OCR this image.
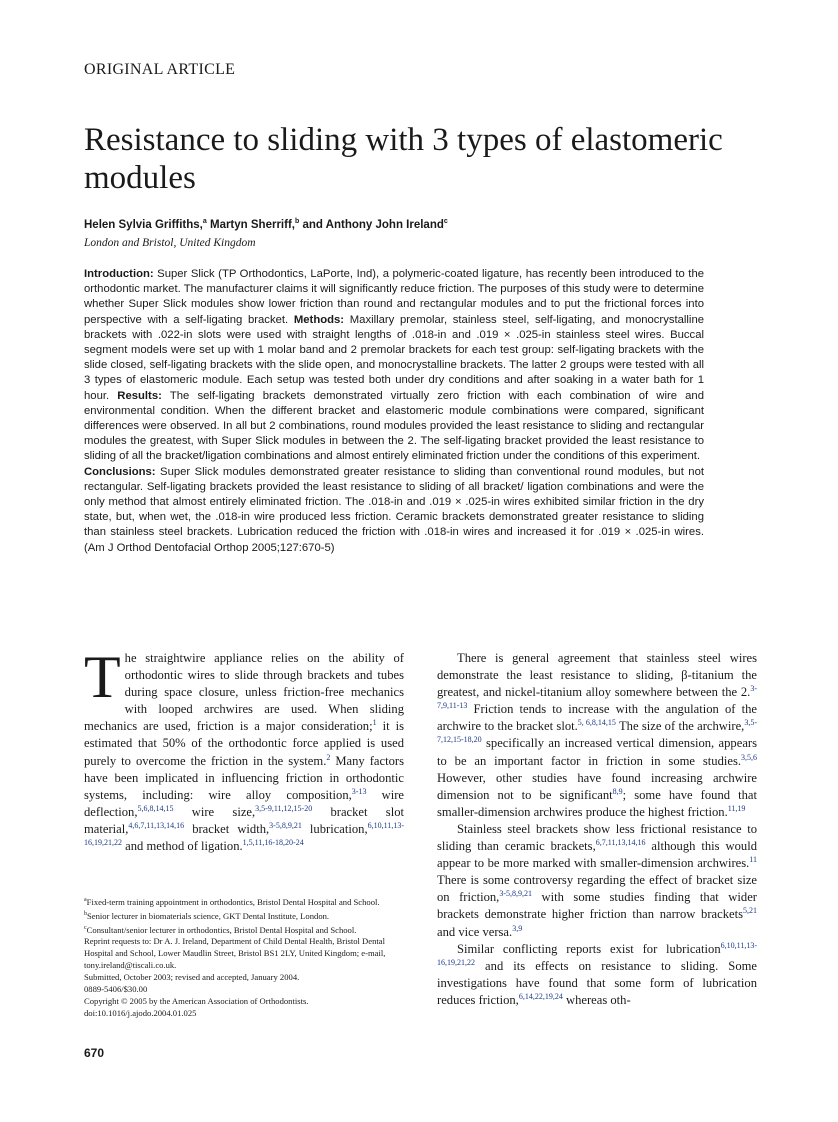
ORIGINAL ARTICLE
Resistance to sliding with 3 types of elastomeric modules
Helen Sylvia Griffiths,$^a$ Martyn Sherriff,$^b$ and Anthony John Ireland$^c$
London and Bristol, United Kingdom

Introduction: Super Slick (TP Orthodontics, LaPorte, Ind), a polymeric-coated ligature, has recently been introduced to the orthodontic market. The manufacturer claims it will significantly reduce friction. The purposes of this study were to determine whether Super Slick modules show lower friction than round and rectangular modules and to put the frictional forces into perspective with a self-ligating bracket. Methods: Maxillary premolar, stainless steel, self-ligating, and monocrystalline brackets with .022-in slots were used with straight lengths of .018-in and .019 × .025-in stainless steel wires. Buccal segment models were set up with 1 molar band and 2 premolar brackets for each test group: self-ligating brackets with the slide closed, self-ligating brackets with the slide open, and monocrystalline brackets. The latter 2 groups were tested with all 3 types of elastomeric module. Each setup was tested both under dry conditions and after soaking in a water bath for 1 hour. Results: The self-ligating brackets demonstrated virtually zero friction with each combination of wire and environmental condition. When the different bracket and elastomeric module combinations were compared, significant differences were observed. In all but 2 combinations, round modules provided the least resistance to sliding and rectangular modules the greatest, with Super Slick modules in between the 2. The self-ligating bracket provided the least resistance to sliding of all the bracket/ligation combinations and almost entirely eliminated friction under the conditions of this experiment.
Conclusions: Super Slick modules demonstrated greater resistance to sliding than conventional round modules, but not rectangular. Self-ligating brackets provided the least resistance to sliding of all bracket/ ligation combinations and were the only method that almost entirely eliminated friction. The .018-in and .019 × .025-in wires exhibited similar friction in the dry state, but, when wet, the .018-in wire produced less friction. Ceramic brackets demonstrated greater resistance to sliding than stainless steel brackets. Lubrication reduced the friction with .018-in wires and increased it for .019 × .025-in wires. (Am J Orthod Dentofacial Orthop 2005;127:670-5)

The straightwire appliance relies on the ability of orthodontic wires to slide through brackets and tubes during space closure, unless friction-free mechanics with looped archwires are used. When sliding mechanics are used, friction is a major consideration;$^1$ it is estimated that 50% of the orthodontic force applied is used purely to overcome the friction in the system.$^2$ Many factors have been implicated in influencing friction in orthodontic systems, including: wire alloy composition,$^{3-13}$ wire deflection,$^{5,6,8,14,15}$ wire size,$^{3,5-9,11,12,15-20}$ bracket slot material,$^{4,6,7,11,13,14,16}$ bracket width,$^{3-5,8,9,21}$ lubrication,$^{6,10,11,13-16,19,21,22}$ and method of ligation.$^{1,5,11,16-18,20-24}$

$^a$Fixed-term training appointment in orthodontics, Bristol Dental Hospital and School.
$^b$Senior lecturer in biomaterials science, GKT Dental Institute, London.
$^c$Consultant/senior lecturer in orthodontics, Bristol Dental Hospital and School.
Reprint requests to: Dr A. J. Ireland, Department of Child Dental Health, Bristol Dental Hospital and School, Lower Maudlin Street, Bristol BS1 2LY, United Kingdom; e-mail, tony.ireland@tiscali.co.uk.
Submitted, October 2003; revised and accepted, January 2004.
0889-5406/$30.00
Copyright © 2005 by the American Association of Orthodontists.
doi:10.1016/j.ajodo.2004.01.025

There is general agreement that stainless steel wires demonstrate the least resistance to sliding, β-titanium the greatest, and nickel-titanium alloy somewhere between the 2.$^{3-7,9,11-13}$ Friction tends to increase with the angulation of the archwire to the bracket slot.$^{5, 6,8,14,15}$ The size of the archwire,$^{3,5-7,12,15-18,20}$ specifically an increased vertical dimension, appears to be an important factor in friction in some studies.$^{3,5,6}$ However, other studies have found increasing archwire dimension not to be significant$^{8,9}$; some have found that smaller-dimension archwires produce the highest friction.$^{11,19}$

Stainless steel brackets show less frictional resistance to sliding than ceramic brackets,$^{6,7,11,13,14,16}$ although this would appear to be more marked with smaller-dimension archwires.$^{11}$ There is some controversy regarding the effect of bracket size on friction,$^{3-5,8,9,21}$ with some studies finding that wider brackets demonstrate higher friction than narrow brackets$^{5,21}$ and vice versa.$^{3,9}$

Similar conflicting reports exist for lubrication$^{6,10,11,13-16,19,21,22}$ and its effects on resistance to sliding. Some investigations have found that some form of lubrication reduces friction,$^{6,14,22,19,24}$ whereas oth-

670
